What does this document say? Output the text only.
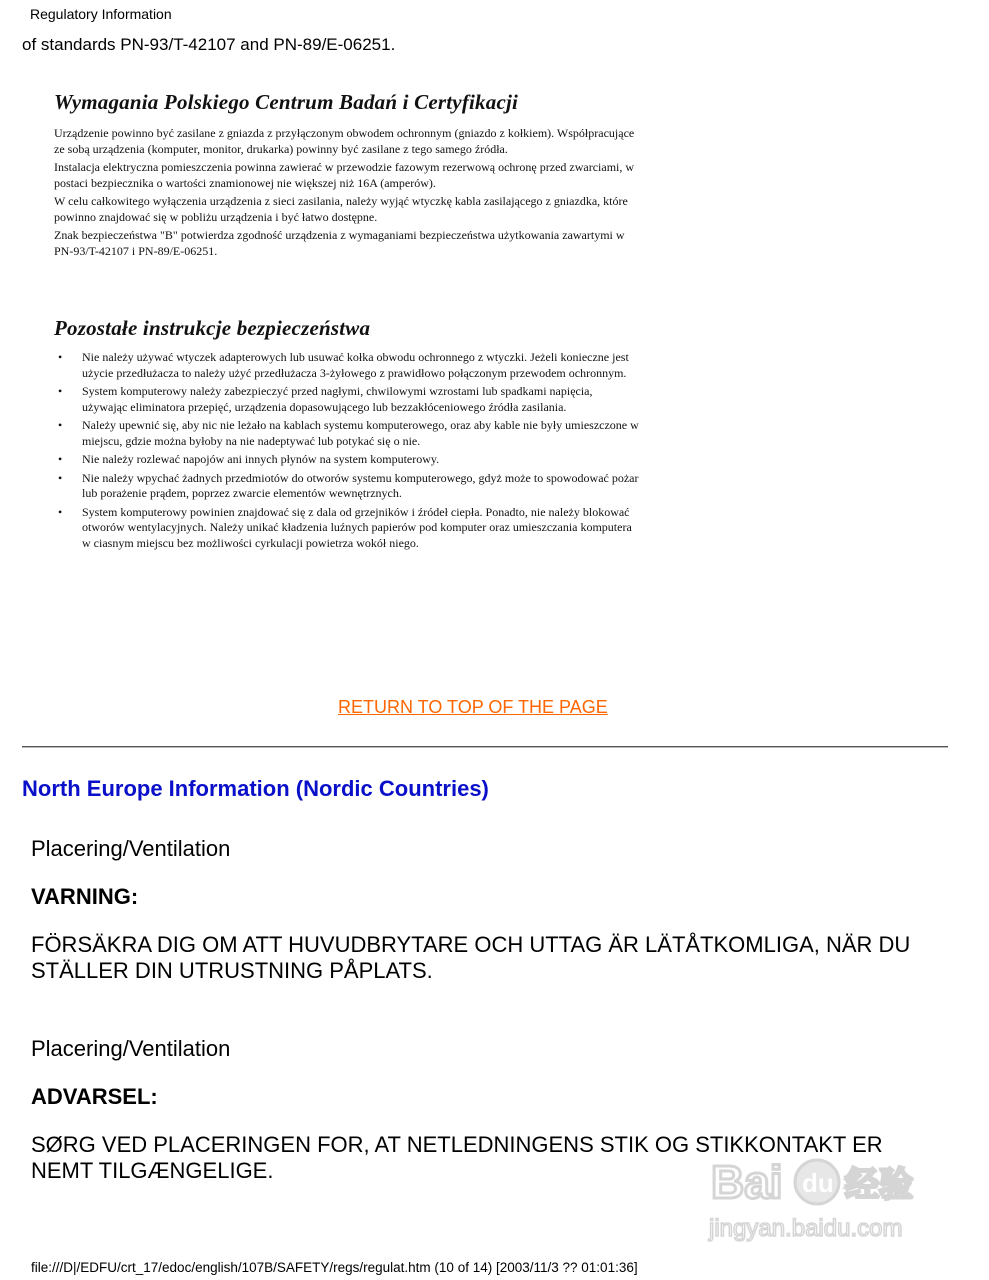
Regulatory Information
of standards PN-93/T-42107 and PN-89/E-06251.
Wymagania Polskiego Centrum Badań i Certyfikacji

Urządzenie powinno być zasilane z gniazda z przyłączonym obwodem ochronnym (gniazdo z kołkiem). Współpracujące ze sobą urządzenia (komputer, monitor, drukarka) powinny być zasilane z tego samego źródła.

Instalacja elektryczna pomieszczenia powinna zawierać w przewodzie fazowym rezerwową ochronę przed zwarciami, w postaci bezpiecznika o wartości znamionowej nie większej niż 16A (amperów).

W celu całkowitego wyłączenia urządzenia z sieci zasilania, należy wyjąć wtyczkę kabla zasilającego z gniazdka, które powinno znajdować się w pobliżu urządzenia i być łatwo dostępne.

Znak bezpieczeństwa "B" potwierdza zgodność urządzenia z wymaganiami bezpieczeństwa użytkowania zawartymi w PN-93/T-42107 i PN-89/E-06251.

Pozostałe instrukcje bezpieczeństwa
• Nie należy używać wtyczek adapterowych lub usuwać kołka obwodu ochronnego z wtyczki. Jeżeli konieczne jest użycie przedłużacza to należy użyć przedłużacza 3-żyłowego z prawidłowo połączonym przewodem ochronnym.
• System komputerowy należy zabezpieczyć przed nagłymi, chwilowymi wzrostami lub spadkami napięcia, używając eliminatora przepięć, urządzenia dopasowującego lub bezzakłóceniowego źródła zasilania.
• Należy upewnić się, aby nic nie leżało na kablach systemu komputerowego, oraz aby kable nie były umieszczone w miejscu, gdzie można byłoby na nie nadeptywać lub potykać się o nie.
• Nie należy rozlewać napojów ani innych płynów na system komputerowy.
• Nie należy wpychać żadnych przedmiotów do otworów systemu komputerowego, gdyż może to spowodować pożar lub porażenie prądem, poprzez zwarcie elementów wewnętrznych.
• System komputerowy powinien znajdować się z dala od grzejników i źródeł ciepła. Ponadto, nie należy blokować otworów wentylacyjnych. Należy unikać kładzenia luźnych papierów pod komputer oraz umieszczania komputera w ciasnym miejscu bez możliwości cyrkulacji powietrza wokół niego.
RETURN TO TOP OF THE PAGE
North Europe Information (Nordic Countries)
Placering/Ventilation
VARNING:
FÖRSÄKRA DIG OM ATT HUVUDBRYTARE OCH UTTAG ÄR LÄTÅTKOMLIGA, NÄR DU STÄLLER DIN UTRUSTNING PÅPLATS.
Placering/Ventilation
ADVARSEL:
SØRG VED PLACERINGEN FOR, AT NETLEDNINGENS STIK OG STIKKONTAKT ER NEMT TILGÆNGELIGE.	Bai du 经验
jingyan.baidu.com
file:///D|/EDFU/crt_17/edoc/english/107B/SAFETY/regs/regulat.htm (10 of 14) [2003/11/3 ?? 01:01:36]
